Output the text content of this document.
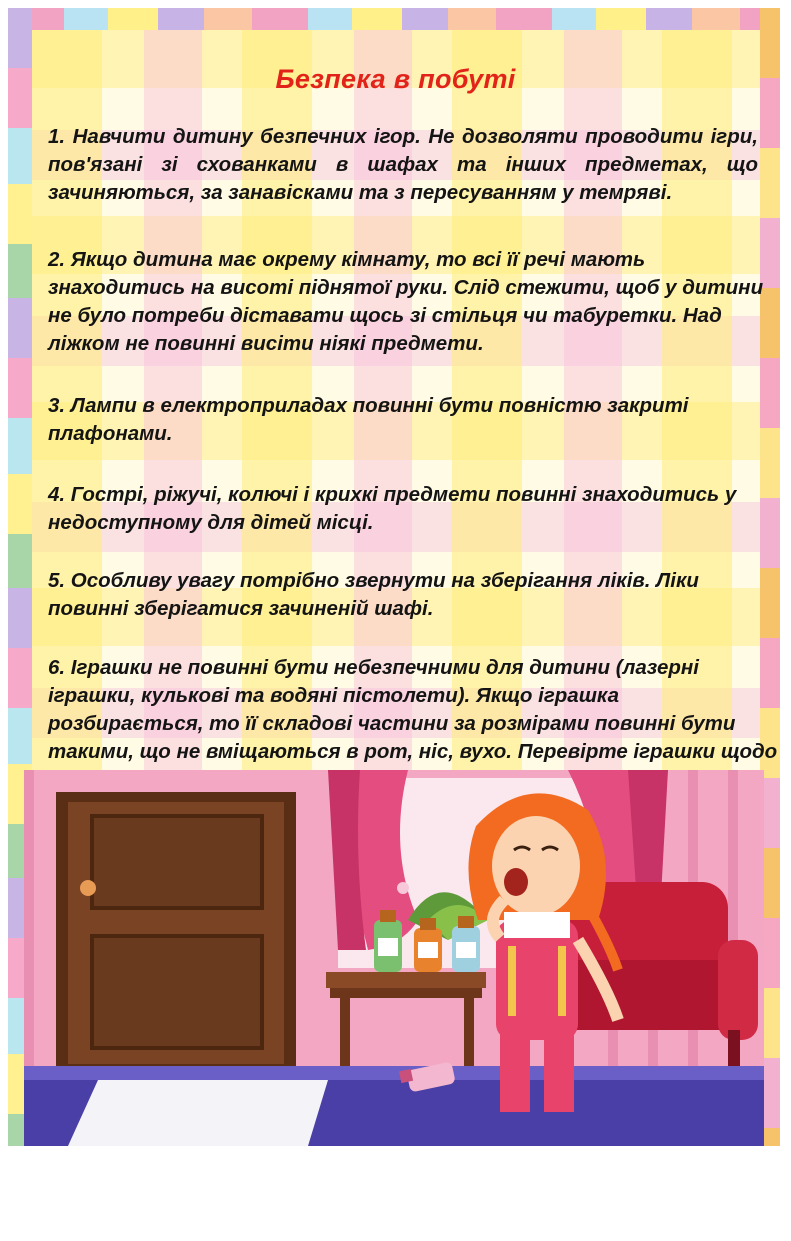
Безпека в побуті

1. Навчити дитину безпечних ігор. Не дозволяти проводити ігри, пов'язані зі схованками в шафах та інших предметах, що зачиняються, за занавісками та з пересуванням у темряві.

2. Якщо дитина має окрему кімнату, то всі її речі мають знаходитись на висоті піднятої руки. Слід стежити, щоб у дитини не було потреби діставати щось зі стільця чи табуретки. Над ліжком не повинні висіти ніякі предмети.

3. Лампи в електроприладах повинні бути повністю закриті плафонами.

4. Гострі, ріжучі, колючі і крихкі предмети повинні знаходитись у недоступному для дітей місці.

5. Особливу увагу потрібно звернути на зберігання ліків. Ліки повинні зберігатися зачиненій шафі.

6. Іграшки не повинні бути небезпечними для дитини (лазерні іграшки, кулькові та водяні пістолети). Якщо іграшка розбирається, то її складові частини за розмірами повинні бути такими, що не вміщаються в рот, ніс, вухо. Перевірте іграшки щодо
